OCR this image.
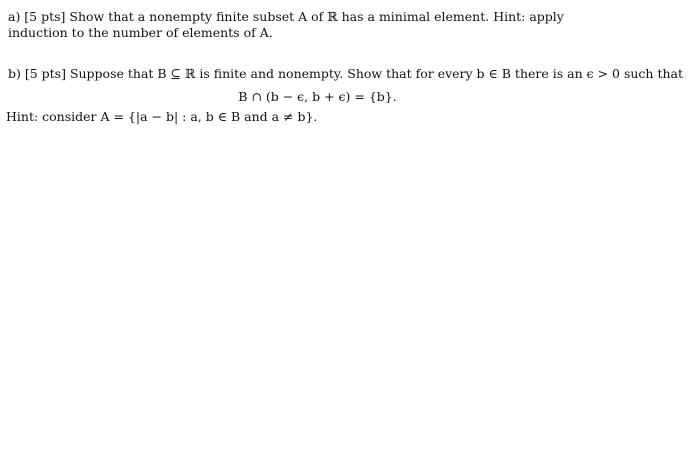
a) [5 pts] Show that a nonempty finite subset A of ℝ has a minimal element. Hint: apply
induction to the number of elements of A.
b) [5 pts] Suppose that B ⊆ ℝ is finite and nonempty. Show that for every b ∈ B there is an ϵ > 0 such that
B ∩ (b − ϵ, b + ϵ) = {b}.
Hint: consider A = {|a − b| : a, b ∈ B and a ≠ b}.
